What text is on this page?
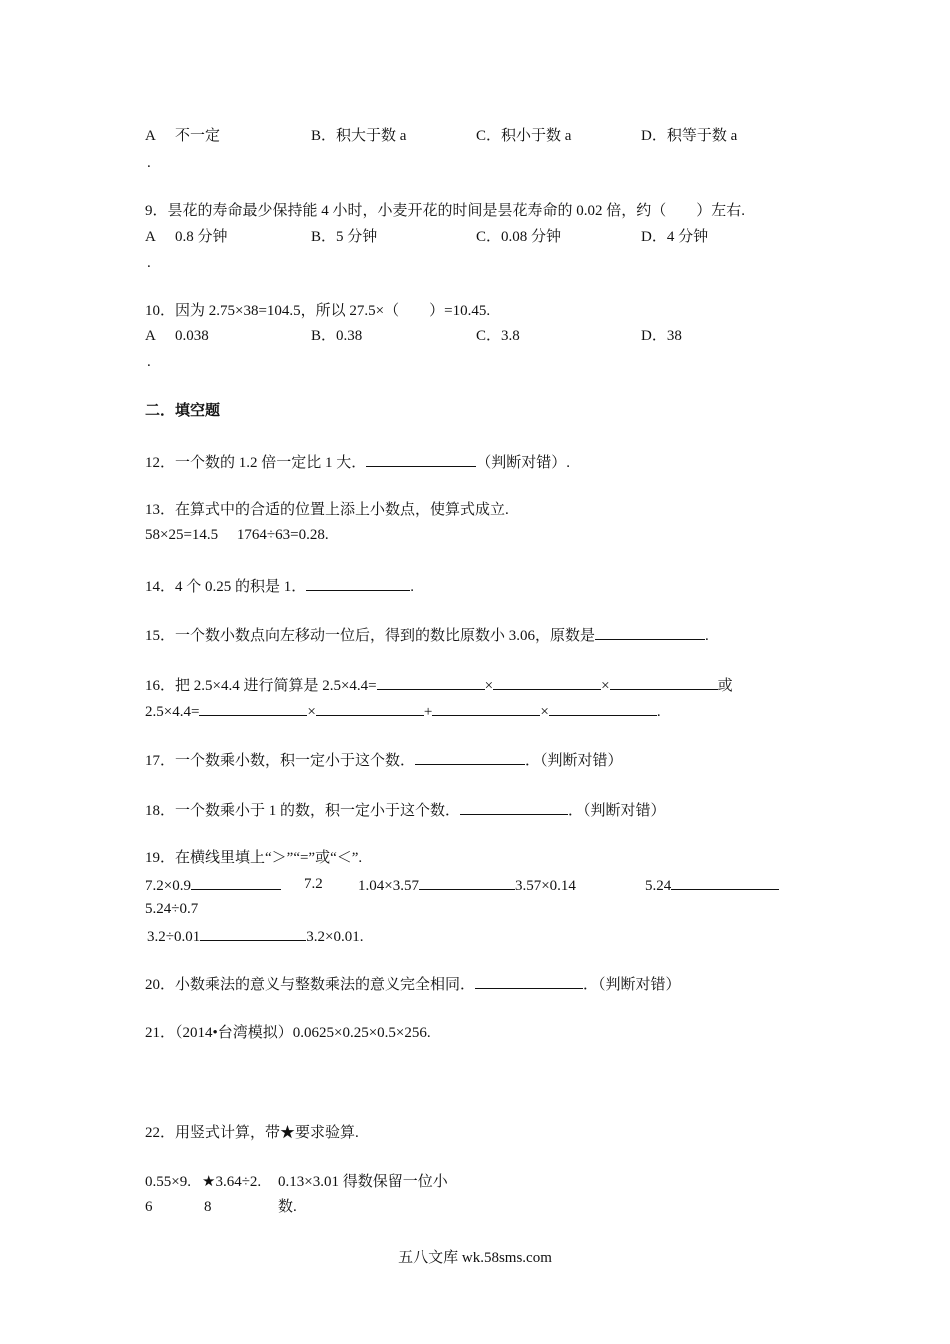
A
.
不一定	B．积大于数 a	C．积小于数 a	D．积等于数 a
9．昙花的寿命最少保持能 4 小时，小麦开花的时间是昙花寿命的 0.02 倍，约（　　）左右.
A
.
0.8 分钟	B．5 分钟	C．0.08 分钟	D．4 分钟
10．因为 2.75×38=104.5，所以 27.5×（　　）=10.45.
A
.
0.038	B．0.38	C．3.8	D．38
二．填空题
12．一个数的 1.2 倍一定比 1 大．	（判断对错）.
13．在算式中的合适的位置上添上小数点，使算式成立.
58×25=14.5　 1764÷63=0.28.
14．4 个 0.25 的积是 1．	.
15．一个数小数点向左移动一位后，得到的数比原数小 3.06，原数是	.
16．把 2.5×4.4 进行简算是 2.5×4.4=	×	×	或
2.5×4.4=	×	+	×	.
17．一个数乘小数，积一定小于这个数．	．（判断对错）
18．一个数乘小于 1 的数，积一定小于这个数．	．（判断对错）
19．在横线里填上“＞”“=”或“＜”.
7.2×0.9	7.2 1.04×3.57	3.57×0.14	5.24
5.24÷0.7
3.2÷0.01	3.2×0.01.
20．小数乘法的意义与整数乘法的意义完全相同．	．（判断对错）
21．（2014•台湾模拟）0.0625×0.25×0.5×256.
22．用竖式计算，带★要求验算.
0.55×9.
6
★3.64÷2.
8
0.13×3.01 得数保留一位小
数.
五八文库 wk.58sms.com
